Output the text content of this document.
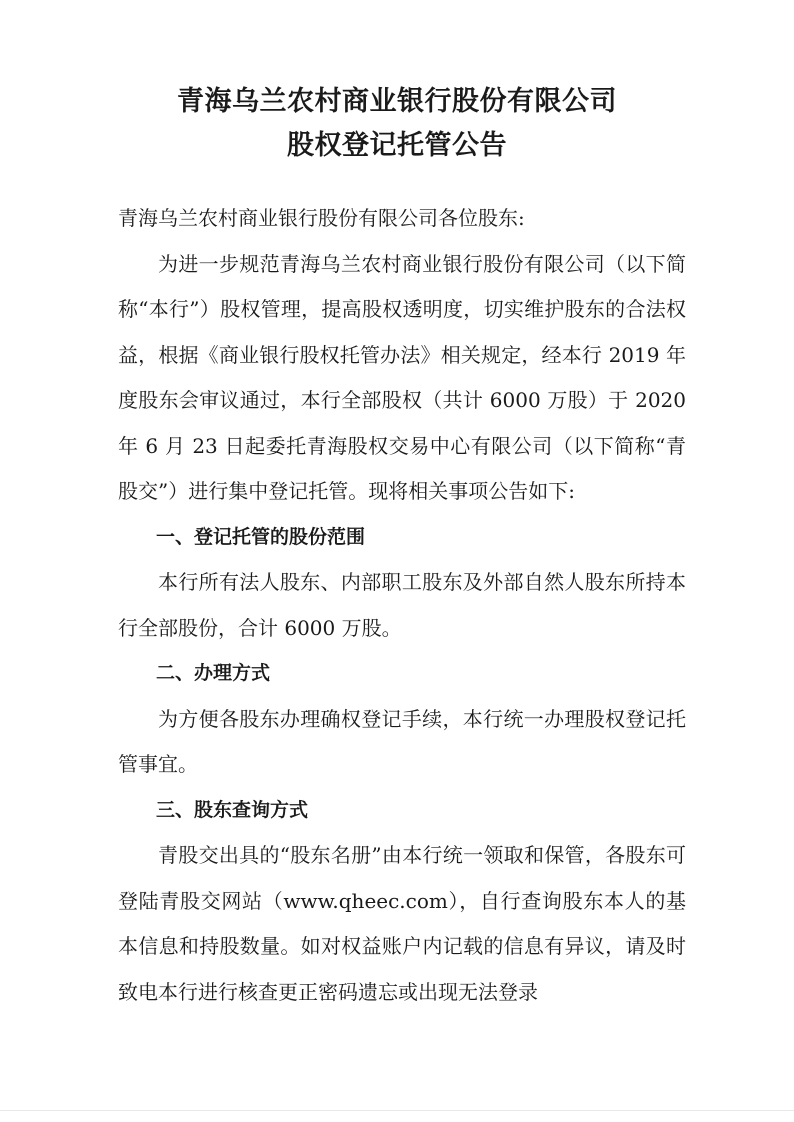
青海乌兰农村商业银行股份有限公司
股权登记托管公告

青海乌兰农村商业银行股份有限公司各位股东:

为进一步规范青海乌兰农村商业银行股份有限公司（以下简称“本行”）股权管理，提高股权透明度，切实维护股东的合法权益，根据《商业银行股权托管办法》相关规定，经本行 2019 年度股东会审议通过，本行全部股权（共计 6000 万股）于 2020 年 6 月 23 日起委托青海股权交易中心有限公司（以下简称“青股交”）进行集中登记托管。现将相关事项公告如下:

一、登记托管的股份范围

本行所有法人股东、内部职工股东及外部自然人股东所持本行全部股份，合计 6000 万股。

二、办理方式

为方便各股东办理确权登记手续，本行统一办理股权登记托管事宜。

三、股东查询方式

青股交出具的“股东名册”由本行统一领取和保管，各股东可登陆青股交网站（www.qheec.com），自行查询股东本人的基本信息和持股数量。如对权益账户内记载的信息有异议，请及时致电本行进行核查更正密码遗忘或出现无法登录
